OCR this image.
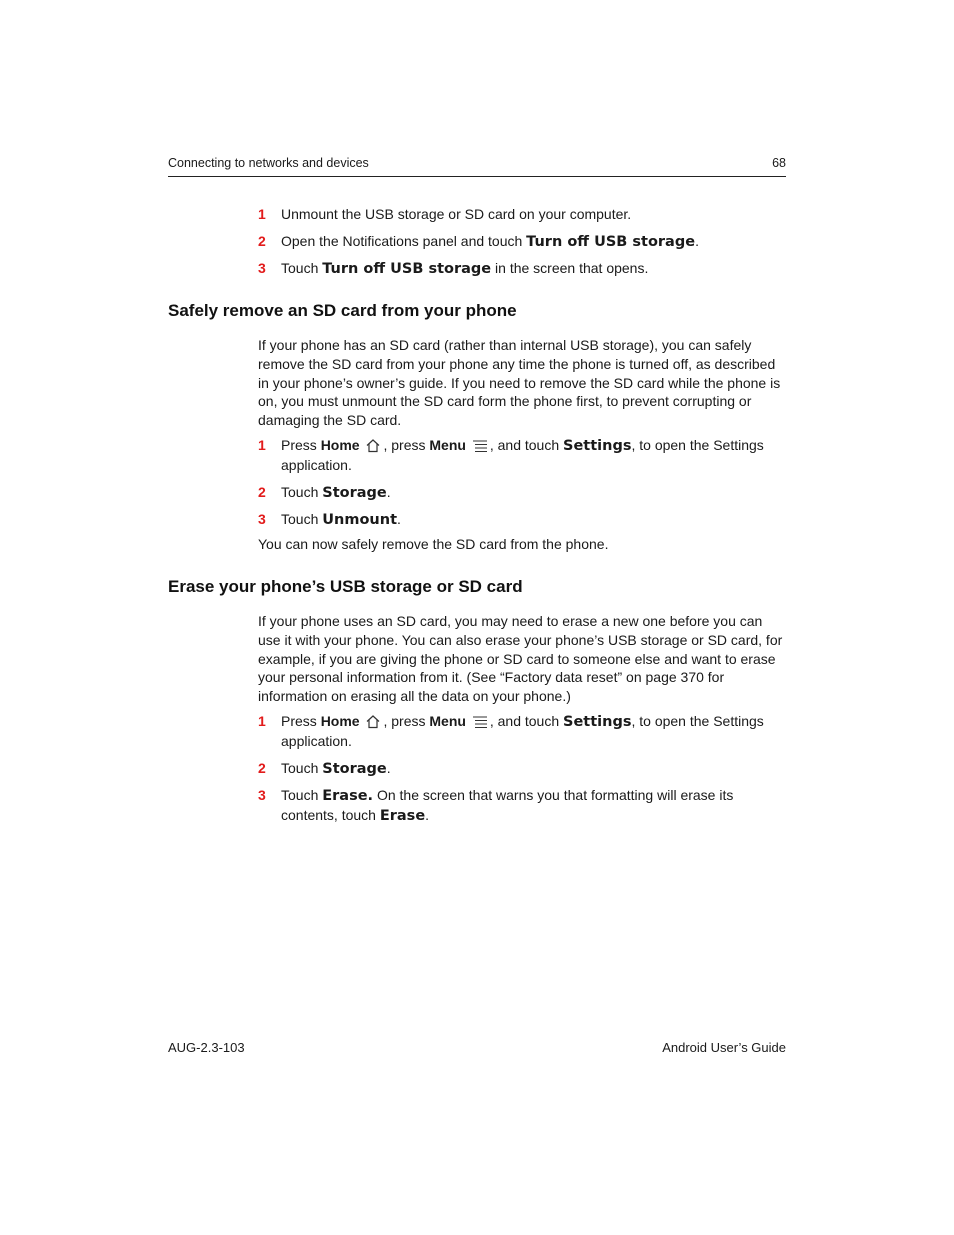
Connecting to networks and devices	68
1 Unmount the USB storage or SD card on your computer.
2 Open the Notifications panel and touch Turn off USB storage.
3 Touch Turn off USB storage in the screen that opens.
Safely remove an SD card from your phone

If your phone has an SD card (rather than internal USB storage), you can safely remove the SD card from your phone any time the phone is turned off, as described in your phone’s owner’s guide. If you need to remove the SD card while the phone is on, you must unmount the SD card form the phone first, to prevent corrupting or damaging the SD card.

1 Press Home , press Menu , and touch Settings, to open the Settings application.
2 Touch Storage.
3 Touch Unmount.

You can now safely remove the SD card from the phone.

Erase your phone’s USB storage or SD card

If your phone uses an SD card, you may need to erase a new one before you can use it with your phone. You can also erase your phone’s USB storage or SD card, for example, if you are giving the phone or SD card to someone else and want to erase your personal information from it. (See “Factory data reset” on page 370 for information on erasing all the data on your phone.)

1 Press Home , press Menu , and touch Settings, to open the Settings application.
2 Touch Storage.
3 Touch Erase. On the screen that warns you that formatting will erase its contents, touch Erase.
AUG-2.3-103	Android User’s Guide
